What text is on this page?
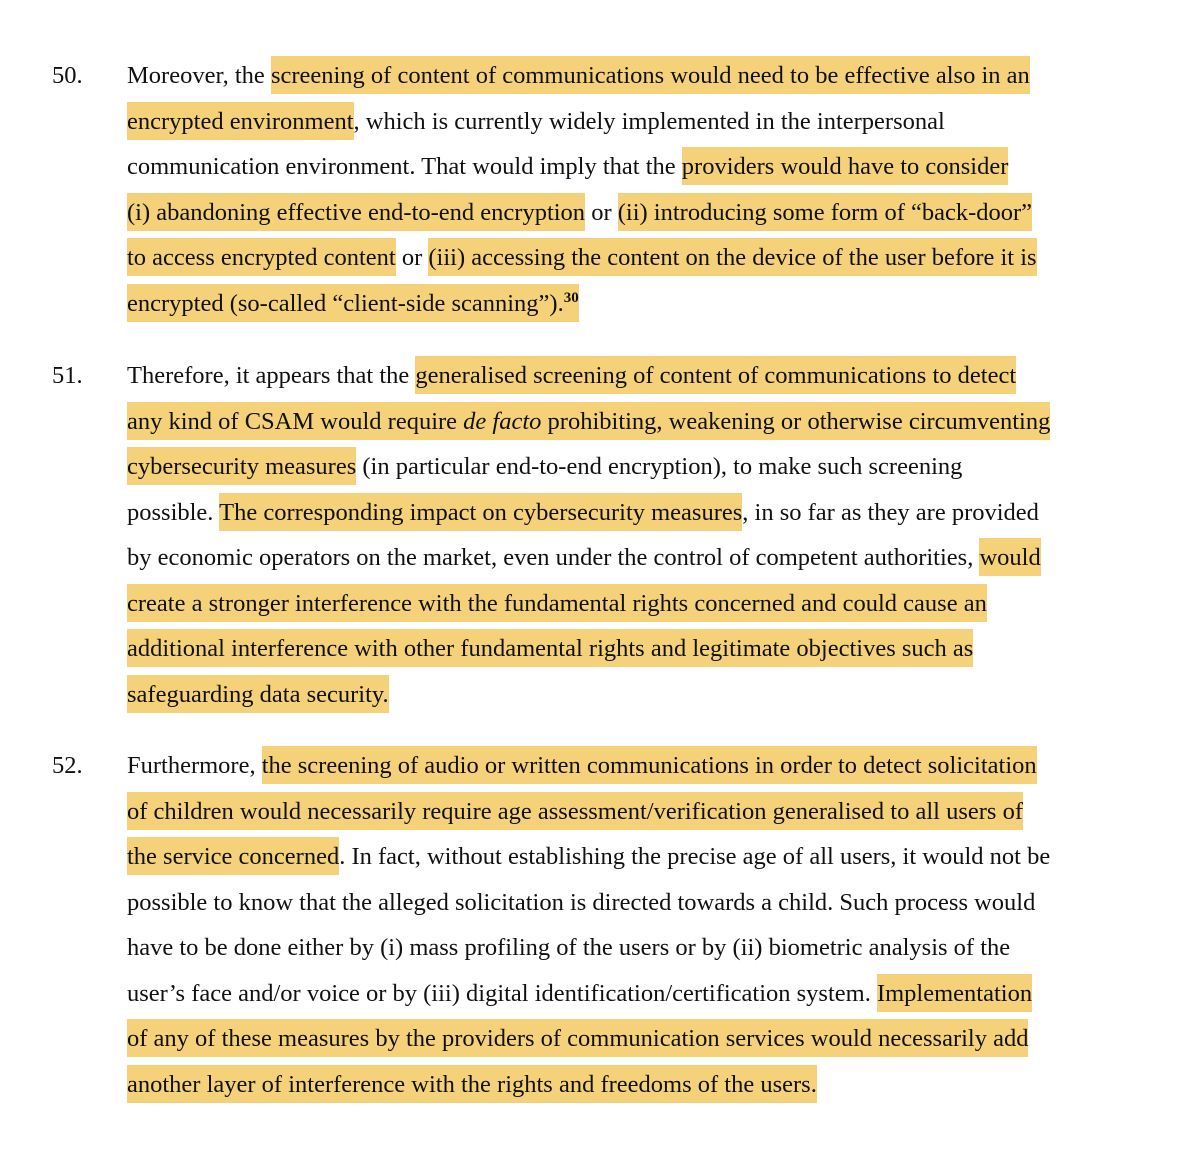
50. Moreover, the screening of content of communications would need to be effective also in an
encrypted environment, which is currently widely implemented in the interpersonal
communication environment. That would imply that the providers would have to consider
(i) abandoning effective end-to-end encryption or (ii) introducing some form of “back-door”
to access encrypted content or (iii) accessing the content on the device of the user before it is
encrypted (so-called “client-side scanning”).$^{30}$

51. Therefore, it appears that the generalised screening of content of communications to detect
any kind of CSAM would require de facto prohibiting, weakening or otherwise circumventing
cybersecurity measures (in particular end-to-end encryption), to make such screening
possible. The corresponding impact on cybersecurity measures, in so far as they are provided
by economic operators on the market, even under the control of competent authorities, would
create a stronger interference with the fundamental rights concerned and could cause an
additional interference with other fundamental rights and legitimate objectives such as
safeguarding data security.

52. Furthermore, the screening of audio or written communications in order to detect solicitation
of children would necessarily require age assessment/verification generalised to all users of
the service concerned. In fact, without establishing the precise age of all users, it would not be
possible to know that the alleged solicitation is directed towards a child. Such process would
have to be done either by (i) mass profiling of the users or by (ii) biometric analysis of the
user’s face and/or voice or by (iii) digital identification/certification system. Implementation
of any of these measures by the providers of communication services would necessarily add
another layer of interference with the rights and freedoms of the users.
